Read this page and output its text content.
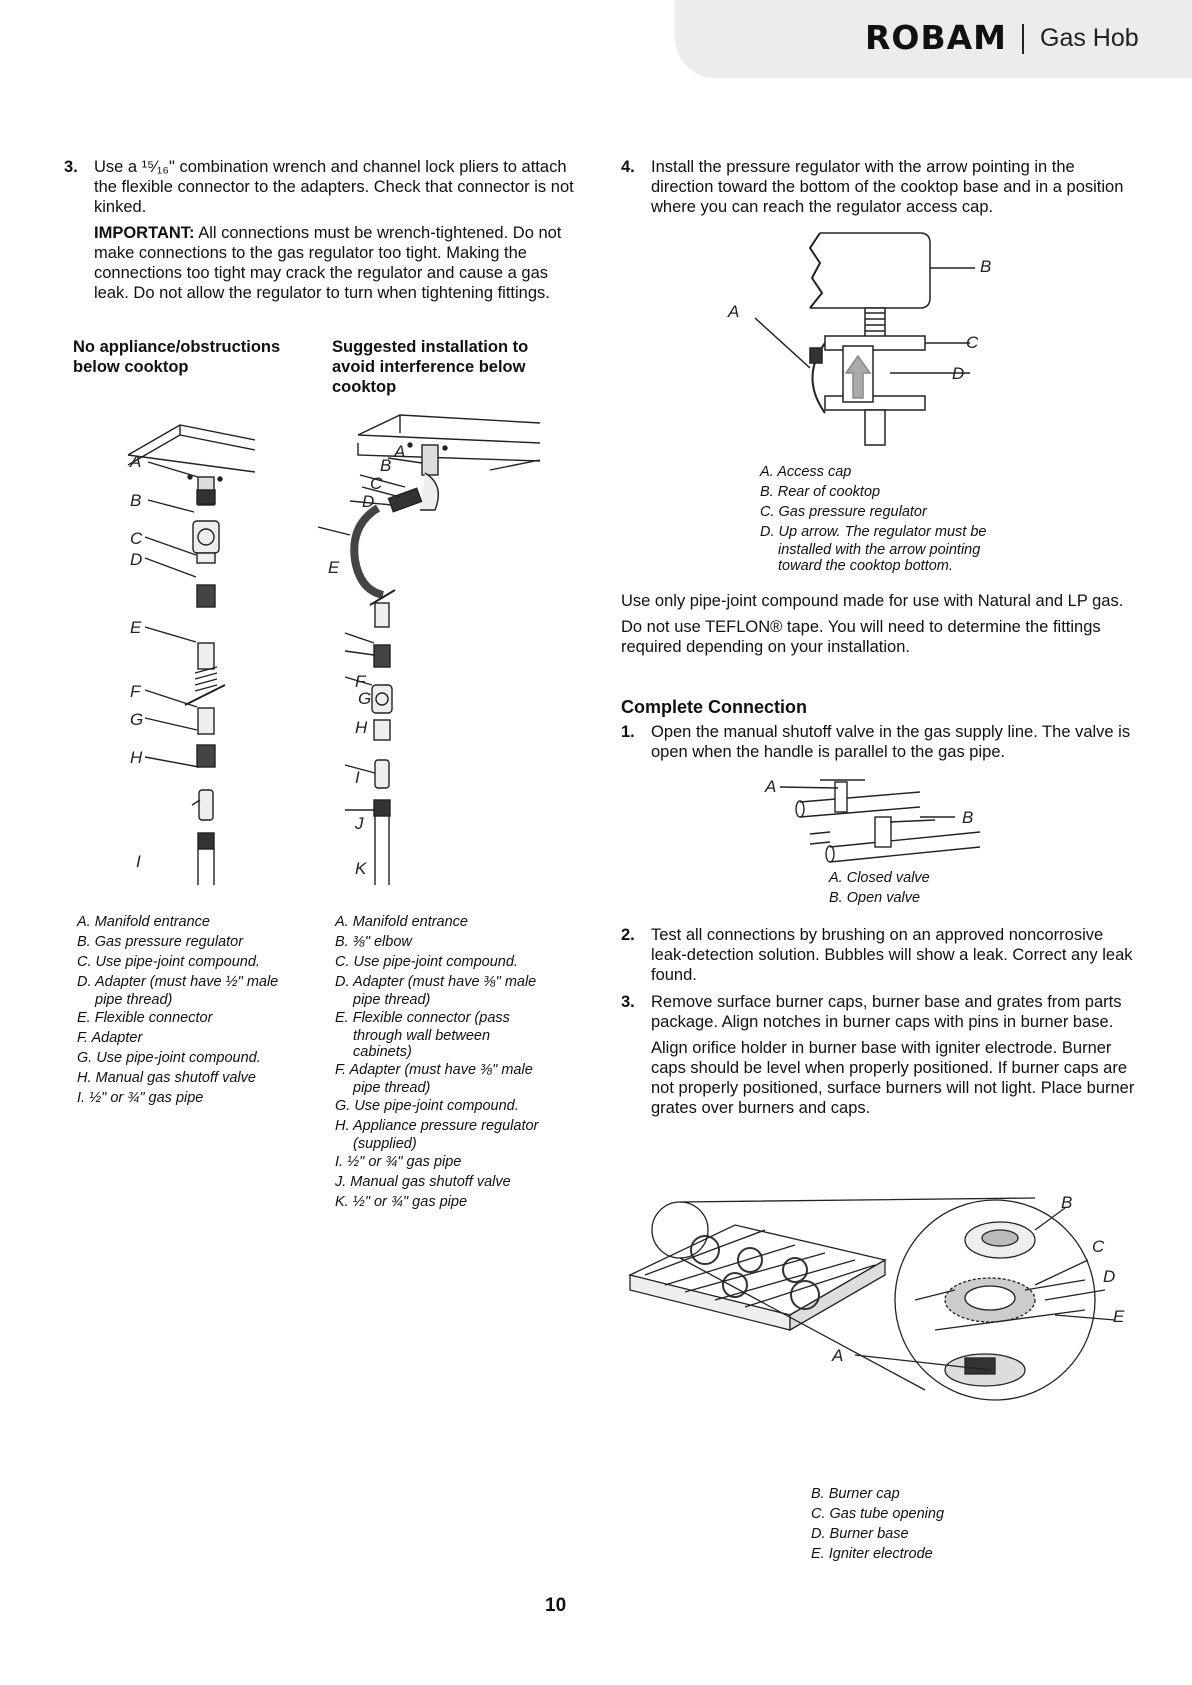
ROBAM Gas Hob
3. Use a ¹⁵⁄₁₆" combination wrench and channel lock pliers to attach the flexible connector to the adapters. Check that connector is not kinked.

IMPORTANT: All connections must be wrench-tightened. Do not make connections to the gas regulator too tight. Making the connections too tight may crack the regulator and cause a gas leak. Do not allow the regulator to turn when tightening fittings.

No appliance/obstructions below cooktop
Suggested installation to avoid interference below cooktop
A
B
C
D
E
F
G
H
I
A
B
C
D
E
F
G
H
I
J
K
A. Manifold entrance
B. Gas pressure regulator
C. Use pipe-joint compound.
D. Adapter (must have ½" male
pipe thread)
E. Flexible connector
F. Adapter
G. Use pipe-joint compound.
H. Manual gas shutoff valve
I. ½" or ¾" gas pipe
A. Manifold entrance
B. ⅜" elbow
C. Use pipe-joint compound.
D. Adapter (must have ⅜" male
pipe thread)
E. Flexible connector (pass
through wall between
cabinets)
F. Adapter (must have ⅜" male
pipe thread)
G. Use pipe-joint compound.
H. Appliance pressure regulator
(supplied)
I. ½" or ¾" gas pipe
J. Manual gas shutoff valve
K. ½" or ¾" gas pipe
4. Install the pressure regulator with the arrow pointing in the direction toward the bottom of the cooktop base and in a position where you can reach the regulator access cap.

A
B
C
D
A. Access cap
B. Rear of cooktop
C. Gas pressure regulator
D. Up arrow. The regulator must be
installed with the arrow pointing
toward the cooktop bottom.

Use only pipe-joint compound made for use with Natural and LP gas.

Do not use TEFLON® tape. You will need to determine the fittings required depending on your installation.

Complete Connection
1. Open the manual shutoff valve in the gas supply line. The valve is open when the handle is parallel to the gas pipe.

A
B
A. Closed valve
B. Open valve
2. Test all connections by brushing on an approved noncorrosive leak-detection solution. Bubbles will show a leak. Correct any leak found.

3. Remove surface burner caps, burner base and grates from parts package. Align notches in burner caps with pins in burner base.

Align orifice holder in burner base with igniter electrode. Burner caps should be level when properly positioned. If burner caps are not properly positioned, surface burners will not light. Place burner grates over burners and caps.

A
B
C
D
E
B. Burner cap
C. Gas tube opening
D. Burner base
E. Igniter electrode
10
